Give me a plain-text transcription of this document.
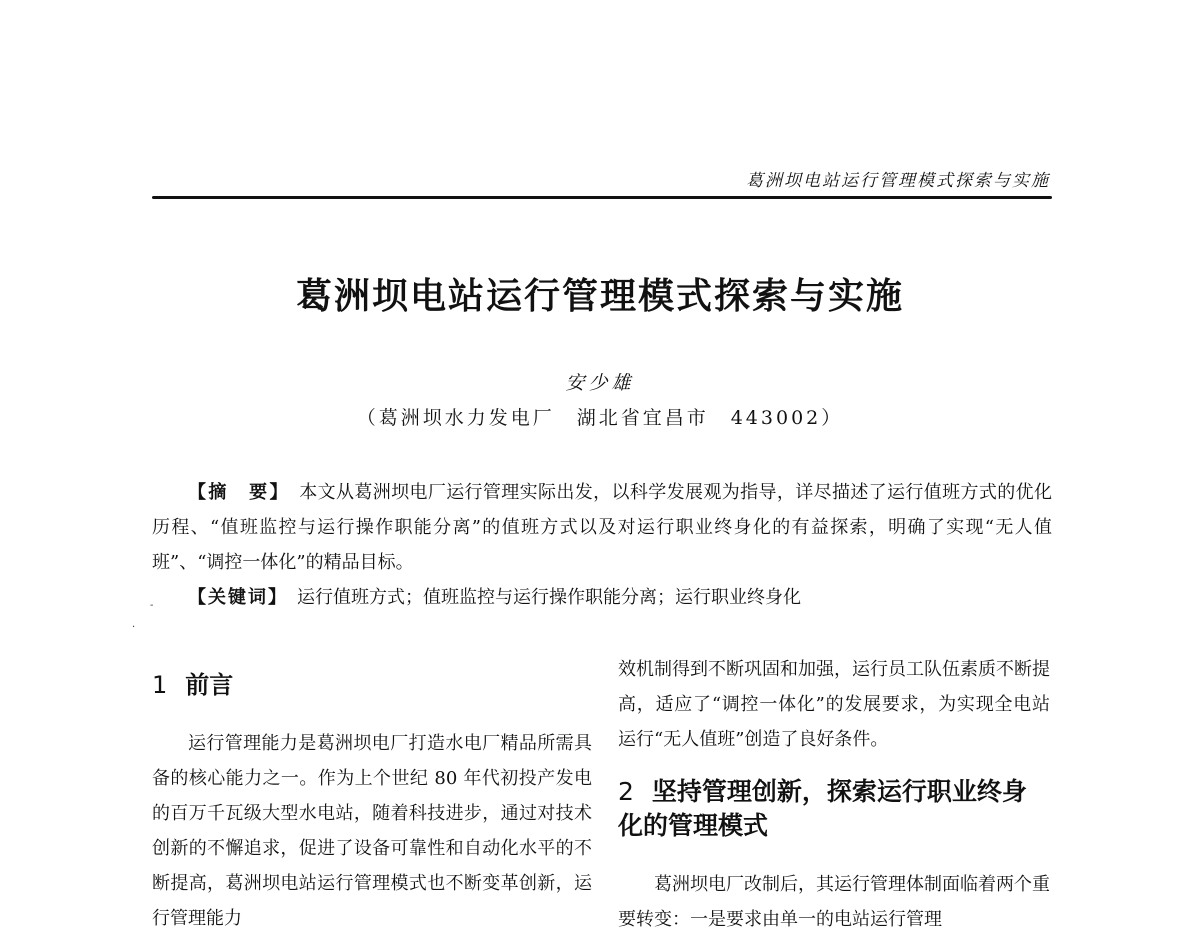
葛洲坝电站运行管理模式探索与实施
葛洲坝电站运行管理模式探索与实施
安少雄
（葛洲坝水力发电厂　湖北省宜昌市　443002）

【摘　要】　 本文从葛洲坝电厂运行管理实际出发，以科学发展观为指导，详尽描述了运行值班方式的优化历程、“值班监控与运行操作职能分离”的值班方式以及对运行职业终身化的有益探索，明确了实现“无人值班”、“调控一体化”的精品目标。

【关键词】　 运行值班方式；值班监控与运行操作职能分离；运行职业终身化

-
·
1 前言

运行管理能力是葛洲坝电厂打造水电厂精品所需具备的核心能力之一。作为上个世纪 80 年代初投产发电的百万千瓦级大型水电站，随着科技进步，通过对技术创新的不懈追求，促进了设备可靠性和自动化水平的不断提高，葛洲坝电站运行管理模式也不断变革创新，运行管理能力

效机制得到不断巩固和加强，运行员工队伍素质不断提高，适应了“调控一体化”的发展要求，为实现全电站运行“无人值班”创造了良好条件。

2 坚持管理创新，探索运行职业终身化的管理模式

葛洲坝电厂改制后，其运行管理体制面临着两个重要转变：一是要求由单一的电站运行管理
